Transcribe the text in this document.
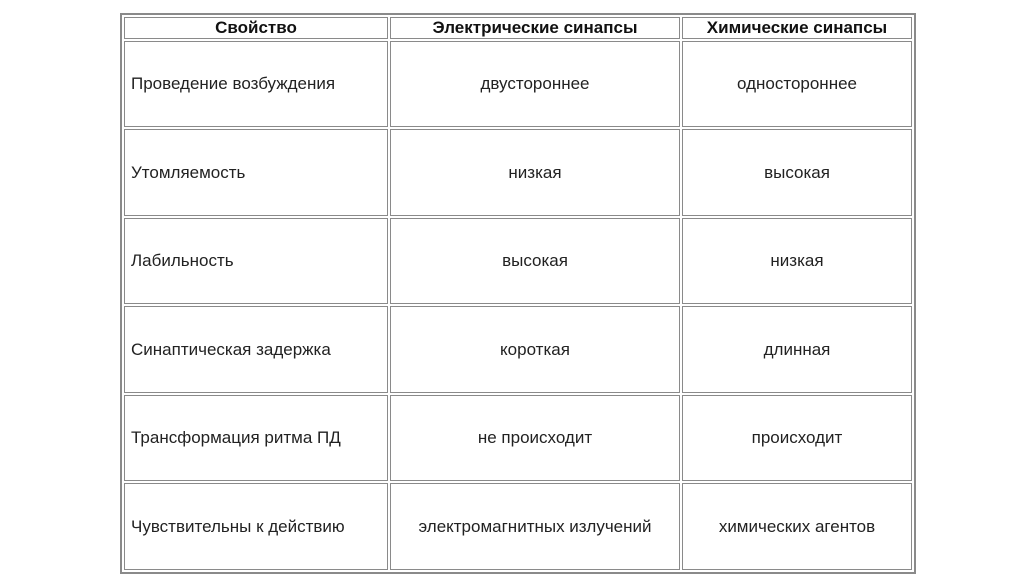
Свойство	Электрические синапсы	Химические синапсы
Проведение возбуждения	двустороннее	одностороннее
Утомляемость	низкая	высокая
Лабильность	высокая	низкая
Синаптическая задержка	короткая	длинная
Трансформация ритма ПД	не происходит	происходит
Чувствительны к действию	электромагнитных излучений	химических агентов
